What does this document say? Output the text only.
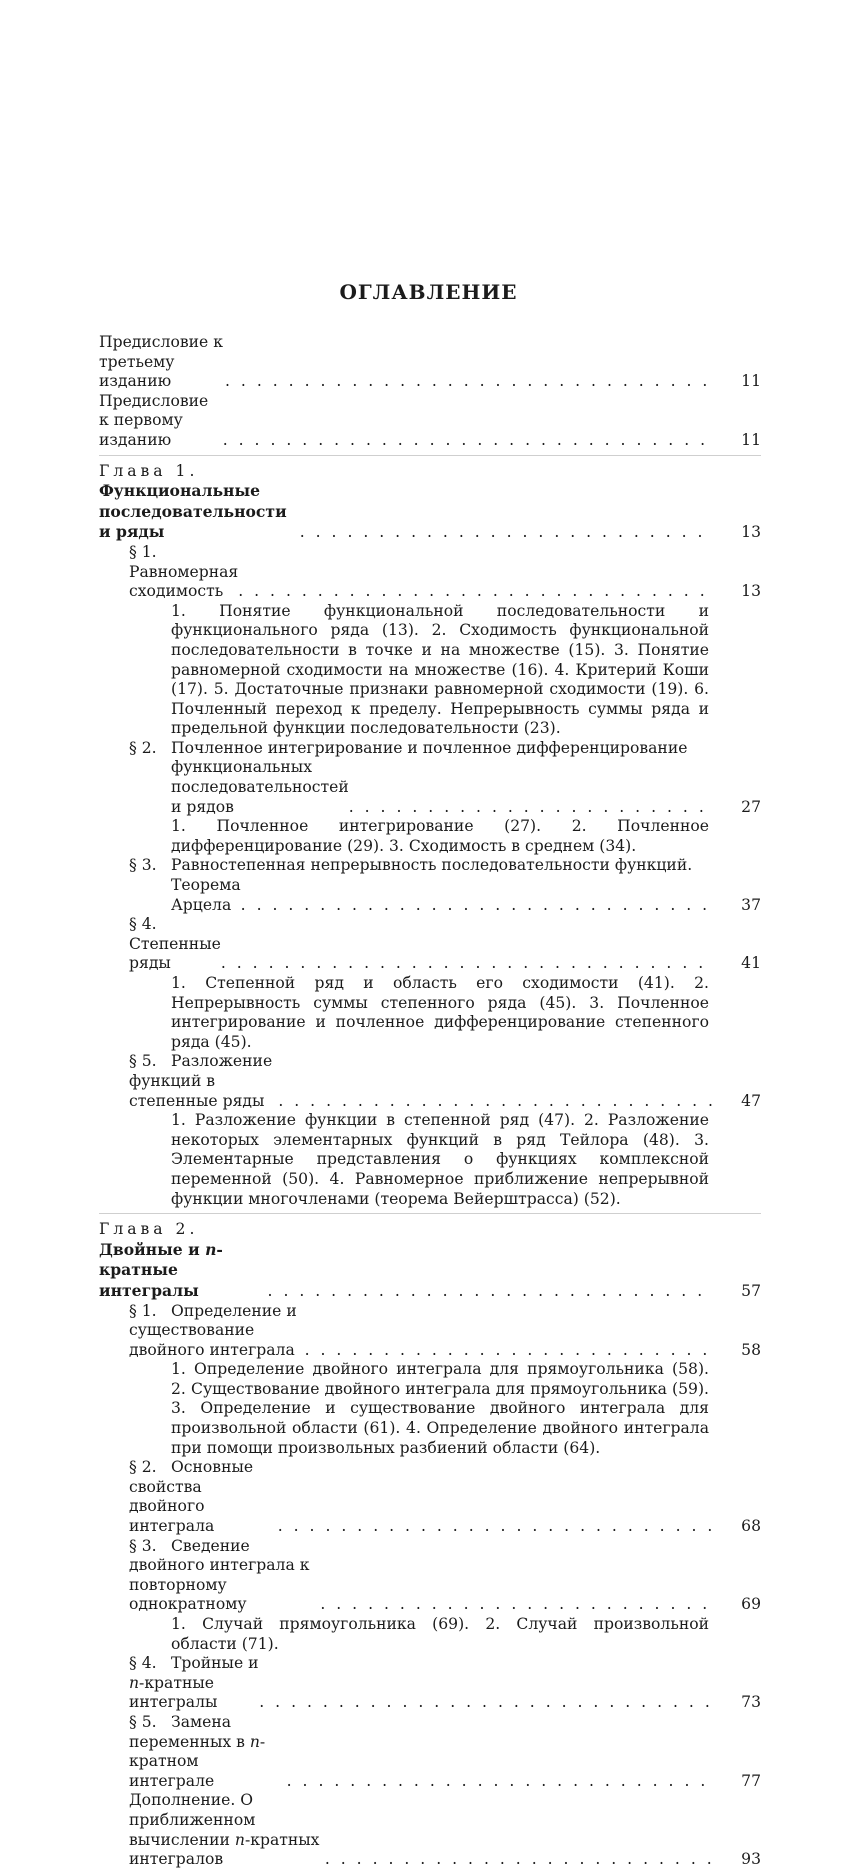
ОГЛАВЛЕНИЕ
Предисловие к третьему изданию . . .	11
Предисловие к первому изданию . . .	11
Глава 1. Функциональные последовательности и ряды . . .	13
§ 1.Равномерная сходимость . . .	13
1. Понятие функциональной последовательности и функционального ряда (13). 2. Сходимость функциональной последовательности в точке и на множестве (15). 3. Понятие равномерной сходимости на множестве (16). 4. Критерий Коши (17). 5. Достаточные признаки равномерной сходимости (19). 6. Почленный переход к пределу. Непрерывность суммы ряда и предельной функции последовательности (23).
§ 2. Почленное интегрирование и почленное дифференцирование
функциональных последовательностей и рядов . . .	27
1. Почленное интегрирование (27). 2. Почленное дифференцирование (29). 3. Сходимость в среднем (34).
§ 3. Равностепенная непрерывность последовательности функций.
Теорема Арцела . . .	37
§ 4.Степенные ряды . . .	41
1. Степенной ряд и область его сходимости (41). 2. Непрерывность суммы степенного ряда (45). 3. Почленное интегрирование и почленное дифференцирование степенного ряда (45).
§ 5. Разложение функций в степенные ряды . . .	47
1. Разложение функции в степенной ряд (47). 2. Разложение некоторых элементарных функций в ряд Тейлора (48). 3. Элементарные представления о функциях комплексной переменной (50). 4. Равномерное приближение непрерывной функции многочленами (теорема Вейерштрасса) (52).
Глава 2. Двойные и n-кратные интегралы . . .	57
§ 1. Определение и существование двойного интеграла . . .	58
1. Определение двойного интеграла для прямоугольника (58). 2. Существование двойного интеграла для прямоугольника (59). 3. Определение и существование двойного интеграла для произвольной области (61). 4. Определение двойного интеграла при помощи произвольных разбиений области (64).
§ 2. Основные свойства двойного интеграла . . .	68
§ 3. Сведение двойного интеграла к повторному однократному . . .	69
1. Случай прямоугольника (69). 2. Случай произвольной области (71).
§ 4. Тройные и n-кратные интегралы . . .	73
§ 5. Замена переменных в n-кратном интеграле . . .	77
Дополнение. О приближенном вычислении n-кратных интегралов . . .	93
